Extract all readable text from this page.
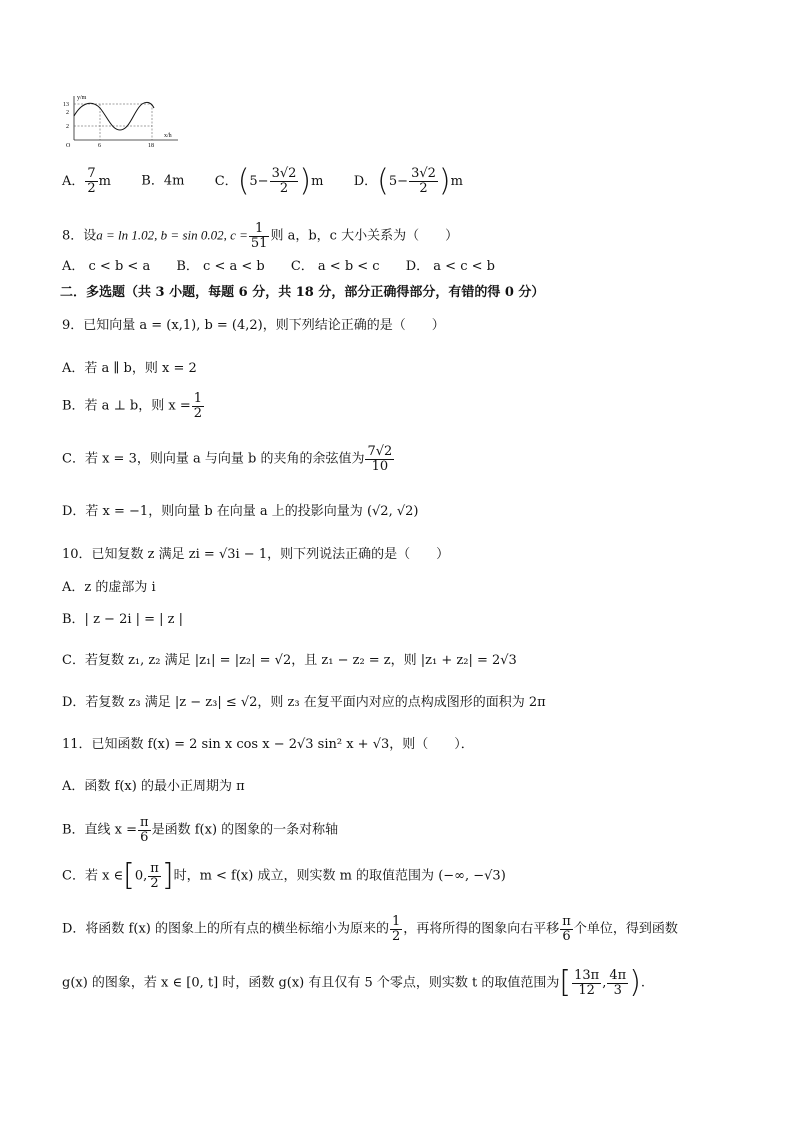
y/m
x/h
13
2
2
O	6	18
A． $\frac{7}{2}$ m B．4m C．$(5- \frac{3√2}{2} )m$ D．$(5- \frac{3√2}{2} )m$
8．设a = ln 1.02, b = sin 0.02, $c = \frac{1}{51}$ 则 a，b，c 大小关系为（　　）
A． c < b < a B． c < a < b C． a < b < c D． a < c < b
二．多选题（共 3 小题，每题 6 分，共 18 分，部分正确得部分，有错的得 0 分）
9．已知向量 a = (x,1), b = (4,2)，则下列结论正确的是（　　）
A．若 a ∥ b，则 x = 2
B．若 a ⊥ b，则 $x = \frac{1}{2}$
C．若 x = 3，则向量 a 与向量 b 的夹角的余弦值为 $\frac{7√2}{10}$
D．若 x = −1，则向量 b 在向量 a 上的投影向量为 (√2, √2)
10．已知复数 z 满足 zi = √3i − 1，则下列说法正确的是（　　）
A．z 的虚部为 i
B．| z − 2i | = | z |
C．若复数 z₁, z₂ 满足 |z₁| = |z₂| = √2，且 z₁ − z₂ = z，则 |z₁ + z₂| = 2√3
D．若复数 z₃ 满足 |z − z₃| ≤ √2，则 z₃ 在复平面内对应的点构成图形的面积为 2π
11．已知函数 f(x) = 2 sin x cos x − 2√3 sin² x + √3，则（　　）．
A．函数 f(x) 的最小正周期为 π
B．直线 $x = \frac{\pi}{6}$ 是函数 f(x) 的图象的一条对称轴
C．若 x ∈[0, $\frac{\pi}{2}$ ]时，m < f(x) 成立，则实数 m 的取值范围为 (−∞, −√3)
D．将函数 f(x) 的图象上的所有点的横坐标缩小为原来的 $\frac{1}{2}$ ，再将所得的图象向右平移 $\frac{\pi}{6}$ 个单位，得到函数
g(x) 的图象，若 x ∈ [0, t] 时，函数 g(x) 有且仅有 5 个零点，则实数 t 的取值范围为[ $\frac{13\pi}{12}$ , $\frac{4\pi}{3}$ ).
